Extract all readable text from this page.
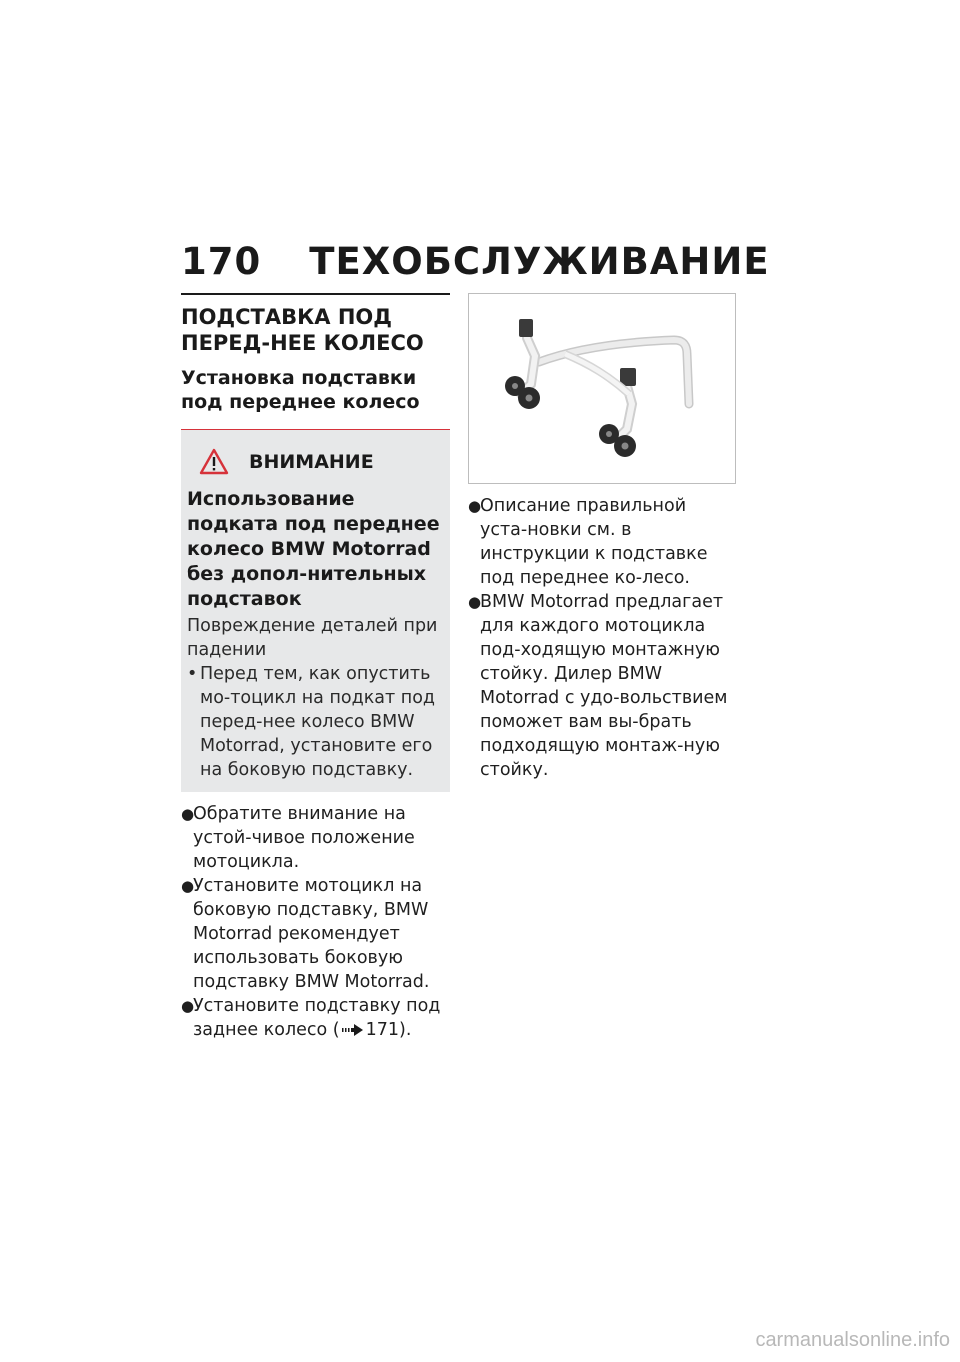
170 ТЕХОБСЛУЖИВАНИЕ
ПОДСТАВКА ПОД ПЕРЕД-НЕЕ КОЛЕСО
Установка подставки под переднее колесо
ВНИМАНИЕ
Использование подката под переднее колесо BMW Motorrad без допол-нительных подставок
Повреждение деталей при падении
• Перед тем, как опустить мо-тоцикл на подкат под перед-нее колесо BMW Motorrad, установите его на боковую подставку.
●
Обратите внимание на устой-чивое положение мотоцикла.
●
Установите мотоцикл на боковую подставку, BMW Motorrad рекомендует использовать боковую подставку BMW Motorrad.
●
Установите подставку под заднее колесо ( 171).
●
Описание правильной уста-новки см. в инструкции к подставке под переднее ко-лесо.
●
BMW Motorrad предлагает для каждого мотоцикла под-ходящую монтажную стойку. Дилер BMW Motorrad с удо-вольствием поможет вам вы-брать подходящую монтаж-ную стойку.
carmanualsonline.info
